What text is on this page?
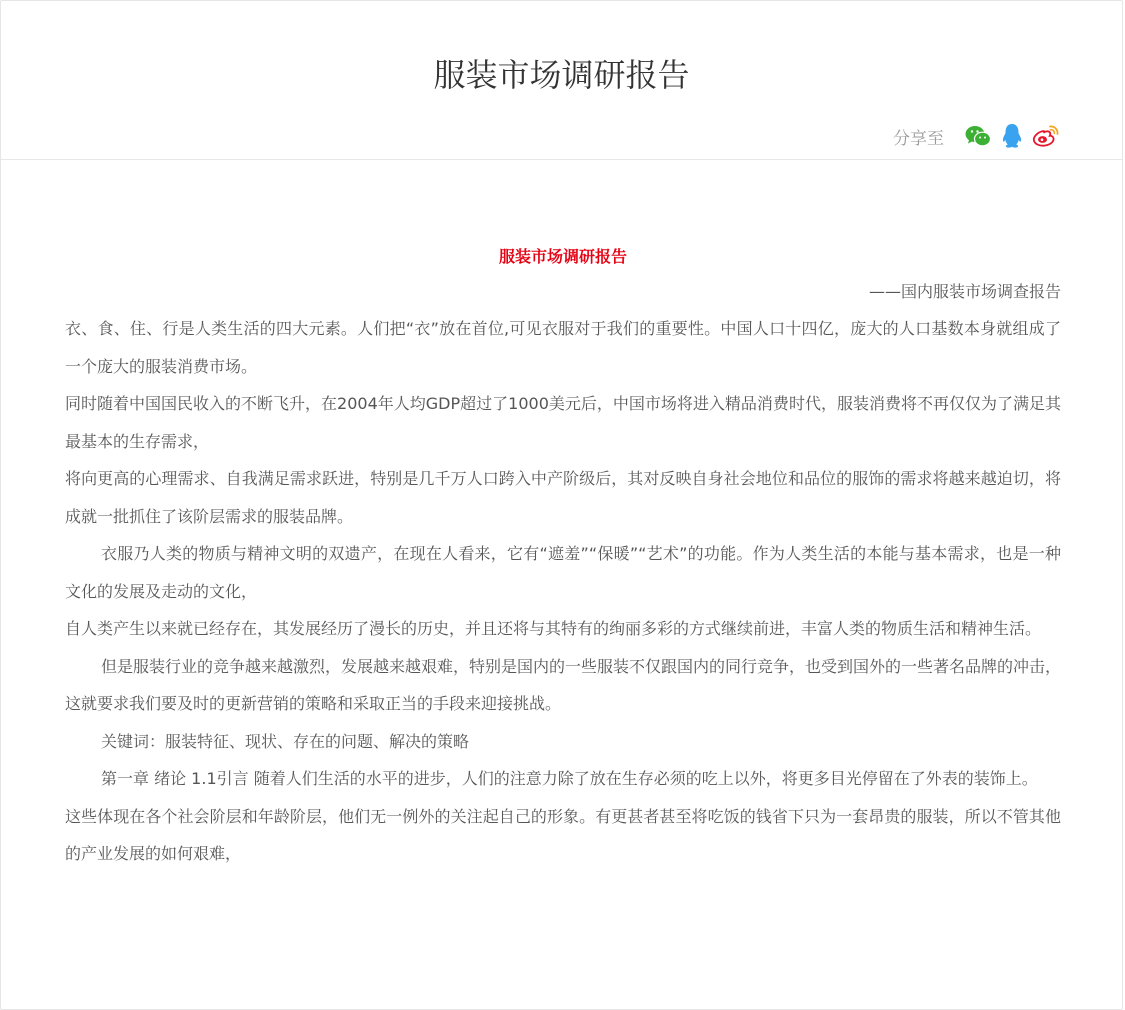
服装市场调研报告
分享至

服装市场调研报告

——国内服装市场调查报告

衣、食、住、行是人类生活的四大元素。人们把“衣”放在首位,可见衣服对于我们的重要性。中国人口十四亿，庞大的人口基数本身就组成了一个庞大的服装消费市场。

同时随着中国国民收入的不断飞升，在2004年人均GDP超过了1000美元后，中国市场将进入精品消费时代，服装消费将不再仅仅为了满足其最基本的生存需求，

将向更高的心理需求、自我满足需求跃进，特别是几千万人口跨入中产阶级后，其对反映自身社会地位和品位的服饰的需求将越来越迫切，将成就一批抓住了该阶层需求的服装品牌。

衣服乃人类的物质与精神文明的双遗产，在现在人看来，它有“遮羞”“保暖”“艺术”的功能。作为人类生活的本能与基本需求，也是一种文化的发展及走动的文化，

自人类产生以来就已经存在，其发展经历了漫长的历史，并且还将与其特有的绚丽多彩的方式继续前进，丰富人类的物质生活和精神生活。

但是服装行业的竞争越来越激烈，发展越来越艰难，特别是国内的一些服装不仅跟国内的同行竞争，也受到国外的一些著名品牌的冲击，

这就要求我们要及时的更新营销的策略和采取正当的手段来迎接挑战。

关键词：服装特征、现状、存在的问题、解决的策略

第一章 绪论 1.1引言 随着人们生活的水平的进步，人们的注意力除了放在生存必须的吃上以外，将更多目光停留在了外表的装饰上。

这些体现在各个社会阶层和年龄阶层，他们无一例外的关注起自己的形象。有更甚者甚至将吃饭的钱省下只为一套昂贵的服装，所以不管其他的产业发展的如何艰难，
